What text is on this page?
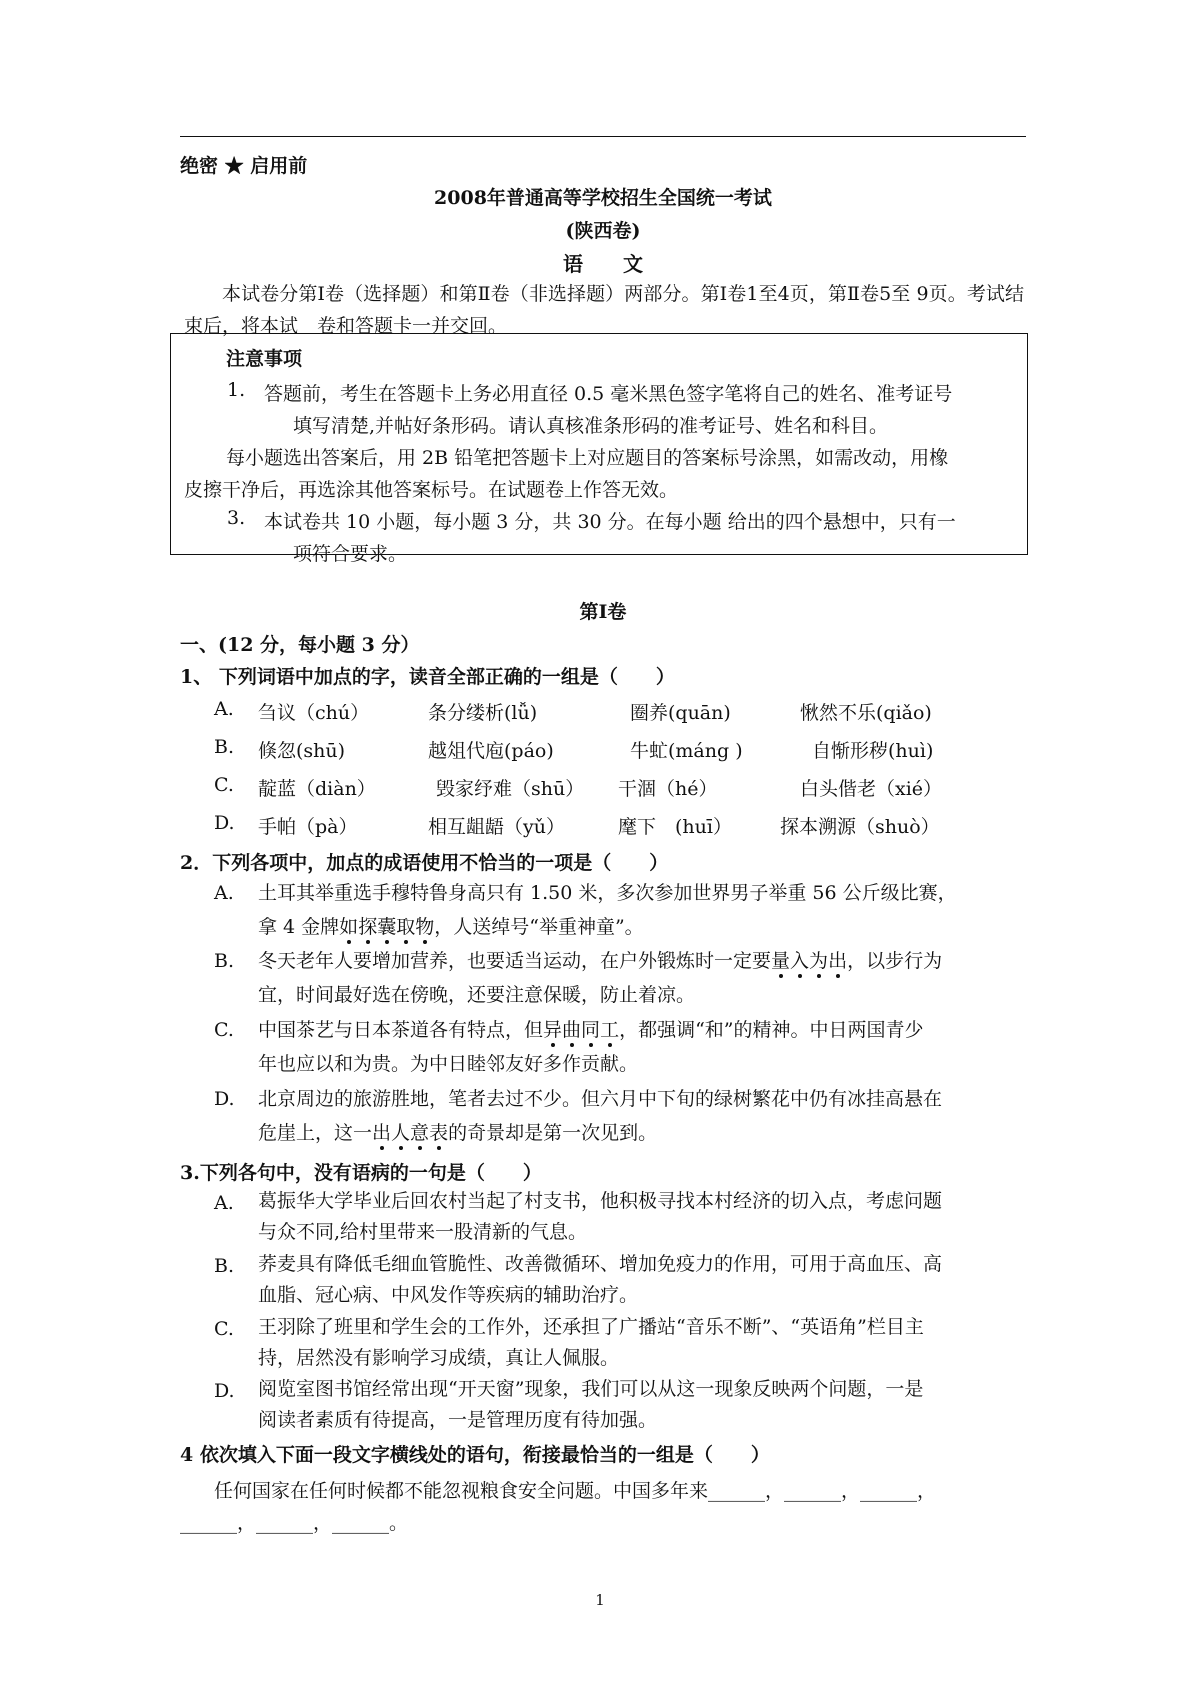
绝密 ★ 启用前
2008年普通高等学校招生全国统一考试
(陕西卷)
语　　文
本试卷分第Ⅰ卷（选择题）和第Ⅱ卷（非选择题）两部分。第Ⅰ卷1至4页，第Ⅱ卷5至 9页。考试结束后，将本试　卷和答题卡一并交回。
注意事项
1. 答题前，考生在答题卡上务必用直径 0.5 毫米黑色签字笔将自己的姓名、准考证号
填写清楚,并帖好条形码。请认真核准条形码的准考证号、姓名和科目。
每小题选出答案后，用 2B 铅笔把答题卡上对应题目的答案标号涂黑，如需改动，用橡
皮擦干净后，再选涂其他答案标号。在试题卷上作答无效。
3. 本试卷共 10 小题，每小题 3 分，共 30 分。在每小题 给出的四个悬想中，只有一
项符合要求。
第Ⅰ卷
一、(12 分，每小题 3 分）
1、 下列词语中加点的字，读音全部正确的一组是（　　）
A. 刍议（chú）	条分缕析(lǚ)	圈养(quān)	愀然不乐(qiǎo)
B. 倏忽(shū)	越俎代庖(páo)	牛虻(máng )	自惭形秽(huì)
C. 靛蓝（diàn）	毁家纾难（shū） 干涸（hé）	白头偕老（xié）
D. 手帕（pà）	相互龃龉（yǔ）	麾下　(huī）	探本溯源（shuò）
2．下列各项中，加点的成语使用不恰当的一项是（　　）
A. 土耳其举重选手穆特鲁身高只有 1.50 米，多次参加世界男子举重 56 公斤级比赛，
拿 4 金牌如探囊取物，人送绰号“举重神童”。
B. 冬天老年人要增加营养，也要适当运动，在户外锻炼时一定要量入为出，以步行为
宜，时间最好选在傍晚，还要注意保暖，防止着凉。
C. 中国茶艺与日本茶道各有特点，但异曲同工，都强调“和”的精神。中日两国青少
年也应以和为贵。为中日睦邻友好多作贡献。
D. 北京周边的旅游胜地，笔者去过不少。但六月中下旬的绿树繁花中仍有冰挂高悬在
危崖上，这一出人意表的奇景却是第一次见到。
3.下列各句中，没有语病的一句是（　　）
A. 葛振华大学毕业后回农村当起了村支书，他积极寻找本村经济的切入点，考虑问题
与众不同,给村里带来一股清新的气息。
B. 荞麦具有降低毛细血管脆性、改善微循环、增加免疫力的作用，可用于高血压、高
血脂、冠心病、中风发作等疾病的辅助治疗。
C. 王羽除了班里和学生会的工作外，还承担了广播站“音乐不断”、“英语角”栏目主
持，居然没有影响学习成绩，真让人佩服。
D. 阅览室图书馆经常出现“开天窗”现象，我们可以从这一现象反映两个问题，一是
阅读者素质有待提高，一是管理历度有待加强。
4 依次填入下面一段文字横线处的语句，衔接最恰当的一组是（　　）
任何国家在任何时候都不能忽视粮食安全问题。中国多年来______，______，______，
______，______，______。
1
